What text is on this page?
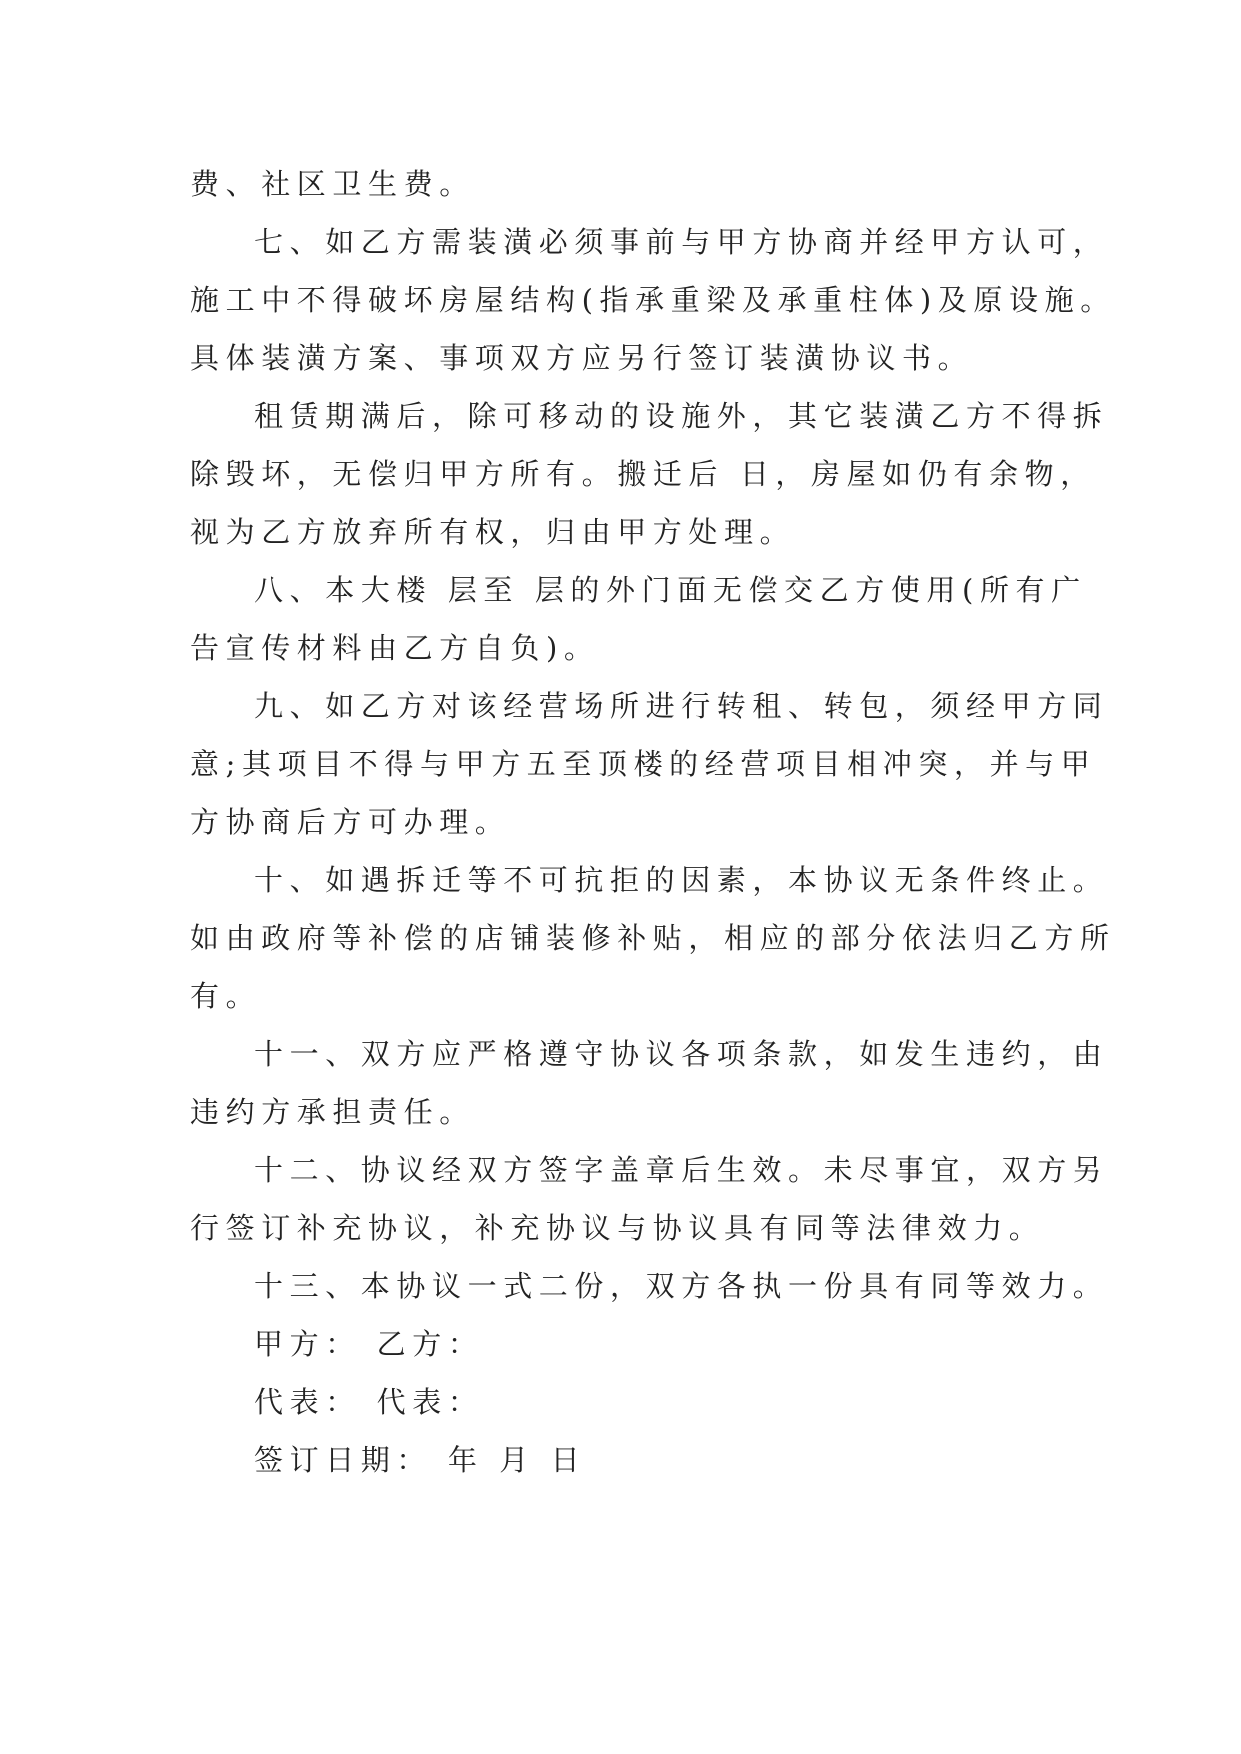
费、社区卫生费。
七、如乙方需装潢必须事前与甲方协商并经甲方认可，
施工中不得破坏房屋结构(指承重梁及承重柱体)及原设施。
具体装潢方案、事项双方应另行签订装潢协议书。
租赁期满后，除可移动的设施外，其它装潢乙方不得拆
除毁坏，无偿归甲方所有。搬迁后 日，房屋如仍有余物，
视为乙方放弃所有权，归由甲方处理。
八、本大楼 层至 层的外门面无偿交乙方使用(所有广
告宣传材料由乙方自负)。
九、如乙方对该经营场所进行转租、转包，须经甲方同
意;其项目不得与甲方五至顶楼的经营项目相冲突，并与甲
方协商后方可办理。
十、如遇拆迁等不可抗拒的因素，本协议无条件终止。
如由政府等补偿的店铺装修补贴，相应的部分依法归乙方所
有。
十一、双方应严格遵守协议各项条款，如发生违约，由
违约方承担责任。
十二、协议经双方签字盖章后生效。未尽事宜，双方另
行签订补充协议，补充协议与协议具有同等法律效力。
十三、本协议一式二份，双方各执一份具有同等效力。
甲方： 乙方：
代表： 代表：
签订日期： 年 月 日
